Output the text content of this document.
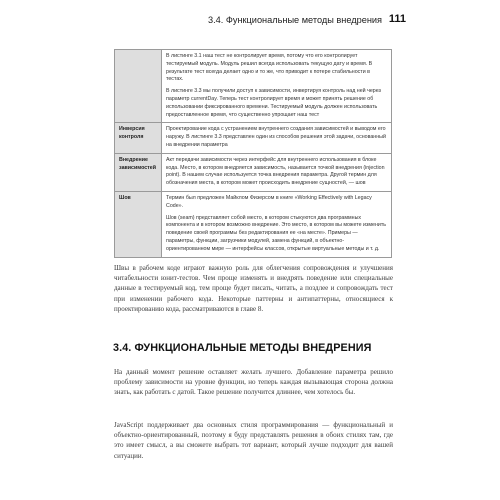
3.4. Функциональные методы внедрения 111

	В листинге 3.1 наш тест не контролирует время, потому что его контролирует тестируемый модуль. Модуль решил всегда использовать текущую дату и время. В результате тест всегда делает одно и то же, что приводит к потере стабильности в тестах.

В листинге 3.3 мы получили доступ к зависимости, инвертируя контроль над ней через параметр currentDay. Теперь тест контролирует время и может принять решение об использовании фиксированного времени. Тестируемый модуль должен использовать предоставленное время, что существенно упрощает наш тест

Инверсия контроля	Проектирование кода с устранением внутреннего создания зависимостей и выводом его наружу. В листинге 3.3 представлен один из способов решения этой задачи, основанный на внедрении параметра

Внедрение зависимостей	Акт передачи зависимости через интерфейс для внутреннего использования в блоке кода. Место, в котором внедряется зависимость, называется точкой внедрения (injection point). В нашем случае используется точка внедрения параметра. Другой термин для обозначения места, в котором может происходить внедрение сущностей, — шов

Шов	Термин был предложен Майклом Физерсом в книге «Working Effectively with Legacy Code».

Шов (seam) представляет собой место, в котором стыкуются два программных компонента и в котором возможно внедрение. Это место, в котором вы можете изменить поведение своей программы без редактирования ее «на месте». Примеры — параметры, функции, загрузчики модулей, замена функций, в объектно-ориентированном мире — интерфейсы классов, открытые виртуальные методы и т. д.

Швы в рабочем коде играют важную роль для облегчения сопровождения и улучшения читабельности юнит-тестов. Чем проще изменять и внедрять поведение или специальные данные в тестируемый код, тем проще будет писать, читать, а поздлее и сопровождать тест при изменении рабочего кода. Некоторые паттерны и антипаттерны, относящиеся к проектированию кода, рассматриваются в главе 8.

3.4. ФУНКЦИОНАЛЬНЫЕ МЕТОДЫ ВНЕДРЕНИЯ

На данный момент решение оставляет желать лучшего. Добавление параметра решило проблему зависимости на уровне функции, но теперь каждая вызывающая сторона должна знать, как работать с датой. Такое решение получится длиннее, чем хотелось бы.

JavaScript поддерживает два основных стиля программирования — функциональный и объектно-ориентированный, поэтому я буду представлять решения в обоих стилях там, где это имеет смысл, а вы сможете выбрать тот вариант, который лучше подходит для вашей ситуации.
